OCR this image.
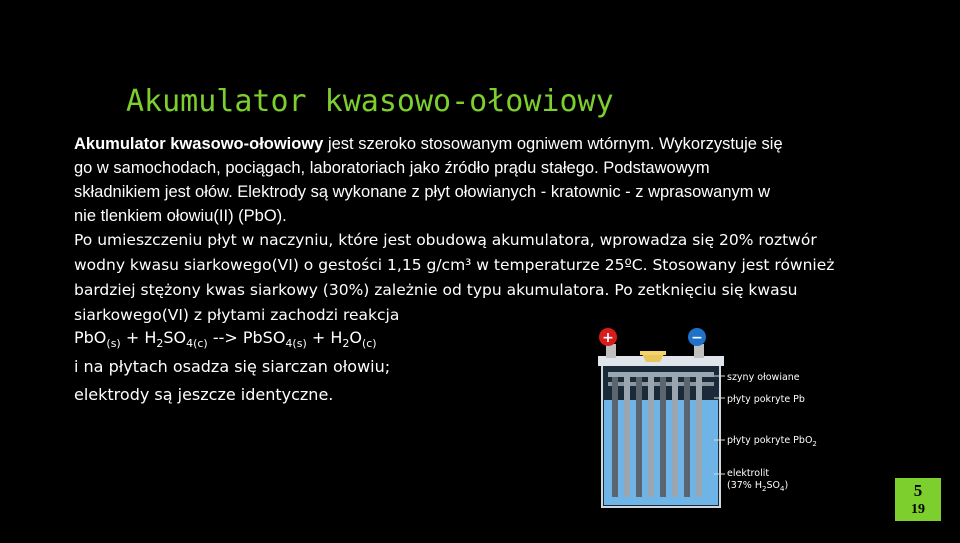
Akumulator kwasowo-ołowiowy
Akumulator kwasowo-ołowiowy jest szeroko stosowanym ogniwem wtórnym. Wykorzystuje się
go w samochodach, pociągach, laboratoriach jako źródło prądu stałego. Podstawowym
składnikiem jest ołów. Elektrody są wykonane z płyt ołowianych - kratownic - z wprasowanym w
nie tlenkiem ołowiu(II) (PbO).
Po umieszczeniu płyt w naczyniu, które jest obudową akumulatora, wprowadza się 20% roztwór
wodny kwasu siarkowego(VI) o gestości 1,15 g/cm³ w temperaturze 25ºC. Stosowany jest również
bardziej stężony kwas siarkowy (30%) zależnie od typu akumulatora. Po zetknięciu się kwasu
siarkowego(VI) z płytami zachodzi reakcja
$PbO_{(s)} + H_2SO_{4(c)}$ --> PbSO$_{4(s)}$ + $H_2O_{(c)}$
i na płytach osadza się siarczan ołowiu;
elektrody są jeszcze identyczne.
+	−
szyny ołowiane
płyty pokryte Pb
płyty pokryte PbO$_2$
elektrolit
(37% $H_2SO_4$)	5
19
